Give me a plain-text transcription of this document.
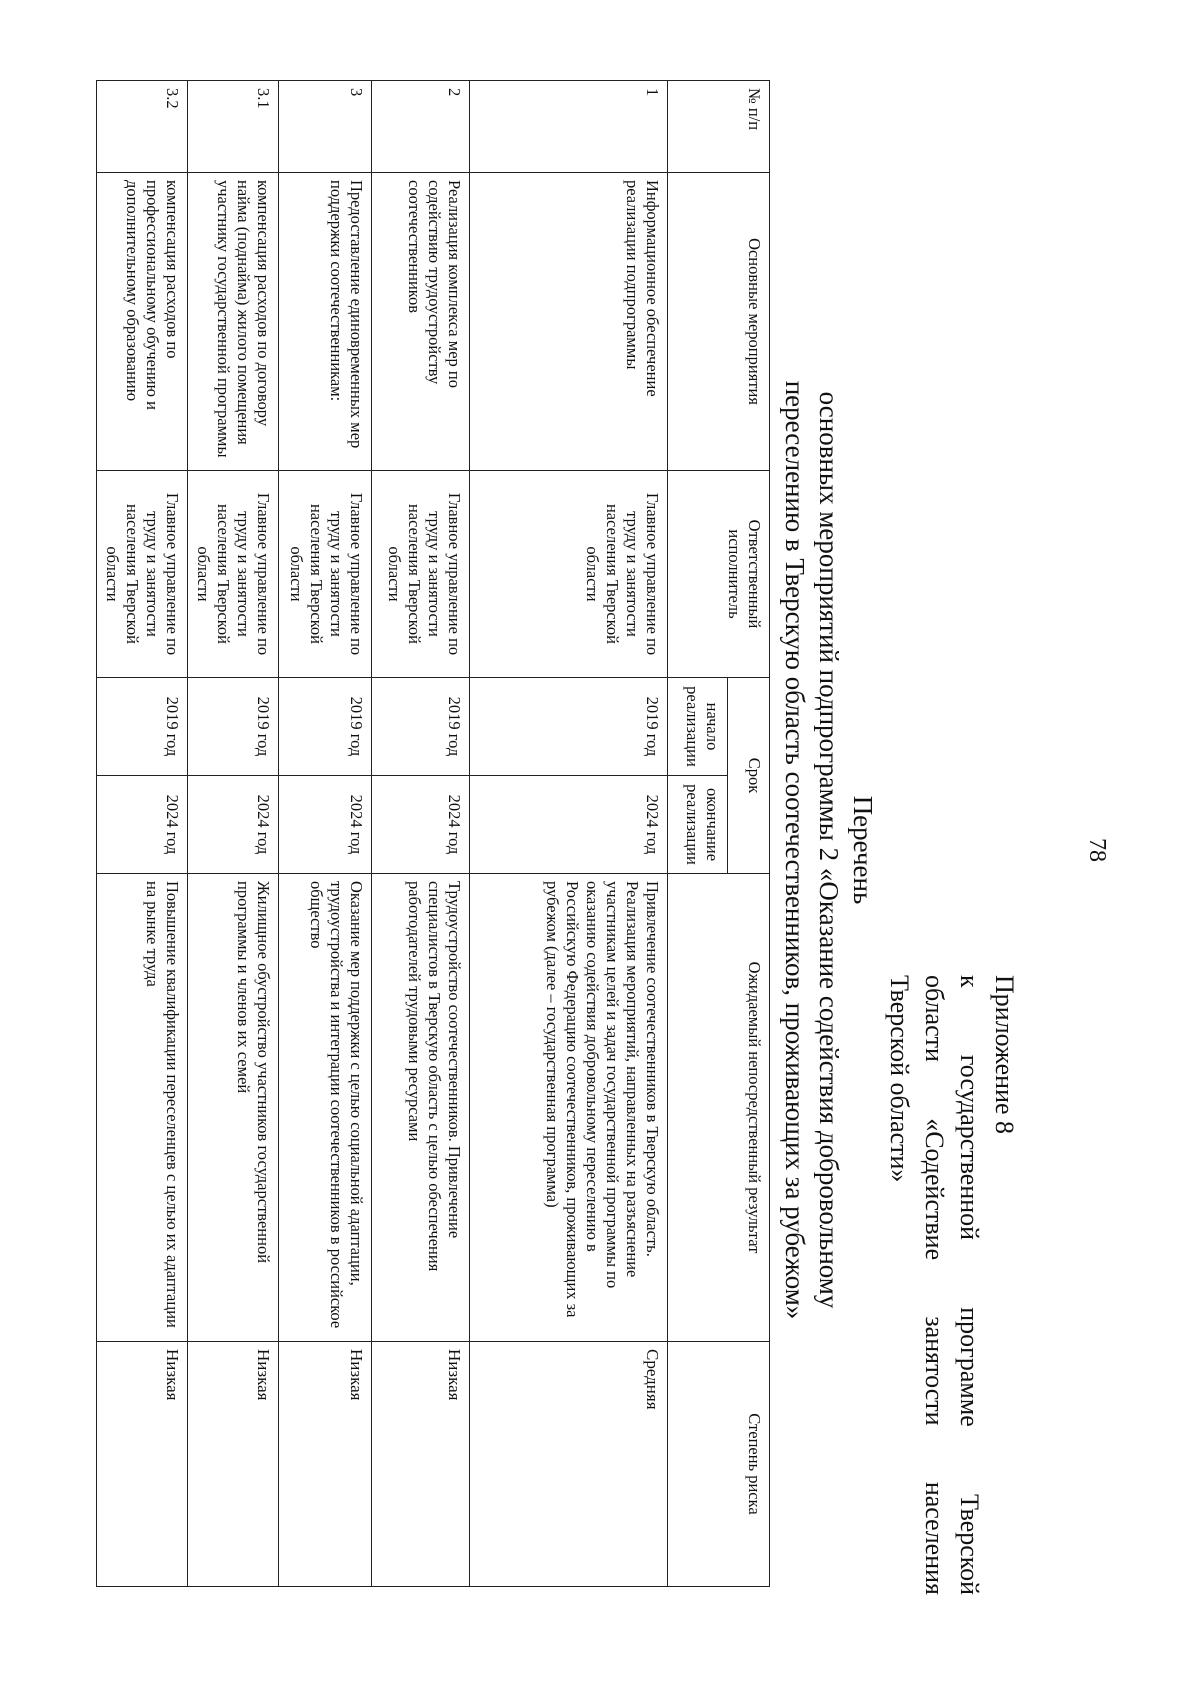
78
Приложение 8
к государственной программе Тверской
области «Содействие занятости населения
Тверской области»
Перечень
основных мероприятий подпрограммы 2 «Оказание содействия добровольному переселению в Тверскую область соотечественников, проживающих за рубежом»
№ п/п	Основные мероприятия	Ответственный исполнитель	Срок		Ожидаемый непосредственный результат	Степень риска
			начало реализации	окончание реализации		
1	Информационное обеспечение реализации подпрограммы	Главное управление по труду и занятости населения Тверской области	2019 год	2024 год	Привлечение соотечественников в Тверскую область. Реализация мероприятий, направленных на разъяснение участникам целей и задач государственной программы по оказанию содействия добровольному переселению в Российскую Федерацию соотечественников, проживающих за рубежом (далее – государственная программа)	Средняя
2	Реализация комплекса мер по содействию трудоустройству соотечественников	Главное управление по труду и занятости населения Тверской области	2019 год	2024 год	Трудоустройство соотечественников. Привлечение специалистов в Тверскую область с целью обеспечения работодателей трудовыми ресурсами	Низкая
3	Предоставление единовременных мер поддержки соотечественникам:	Главное управление по труду и занятости населения Тверской области	2019 год	2024 год	Оказание мер поддержки с целью социальной адаптации, трудоустройства и интеграции соотечественников в российское общество	Низкая
3.1	компенсация расходов по договору найма (поднайма) жилого помещения участнику государственной программы	Главное управление по труду и занятости населения Тверской области	2019 год	2024 год	Жилищное обустройство участников государственной программы и членов их семей	Низкая
3.2	компенсация расходов по профессиональному обучению и дополнительному образованию	Главное управление по труду и занятости населения Тверской области	2019 год	2024 год	Повышение квалификации переселенцев с целью их адаптации на рынке труда	Низкая
